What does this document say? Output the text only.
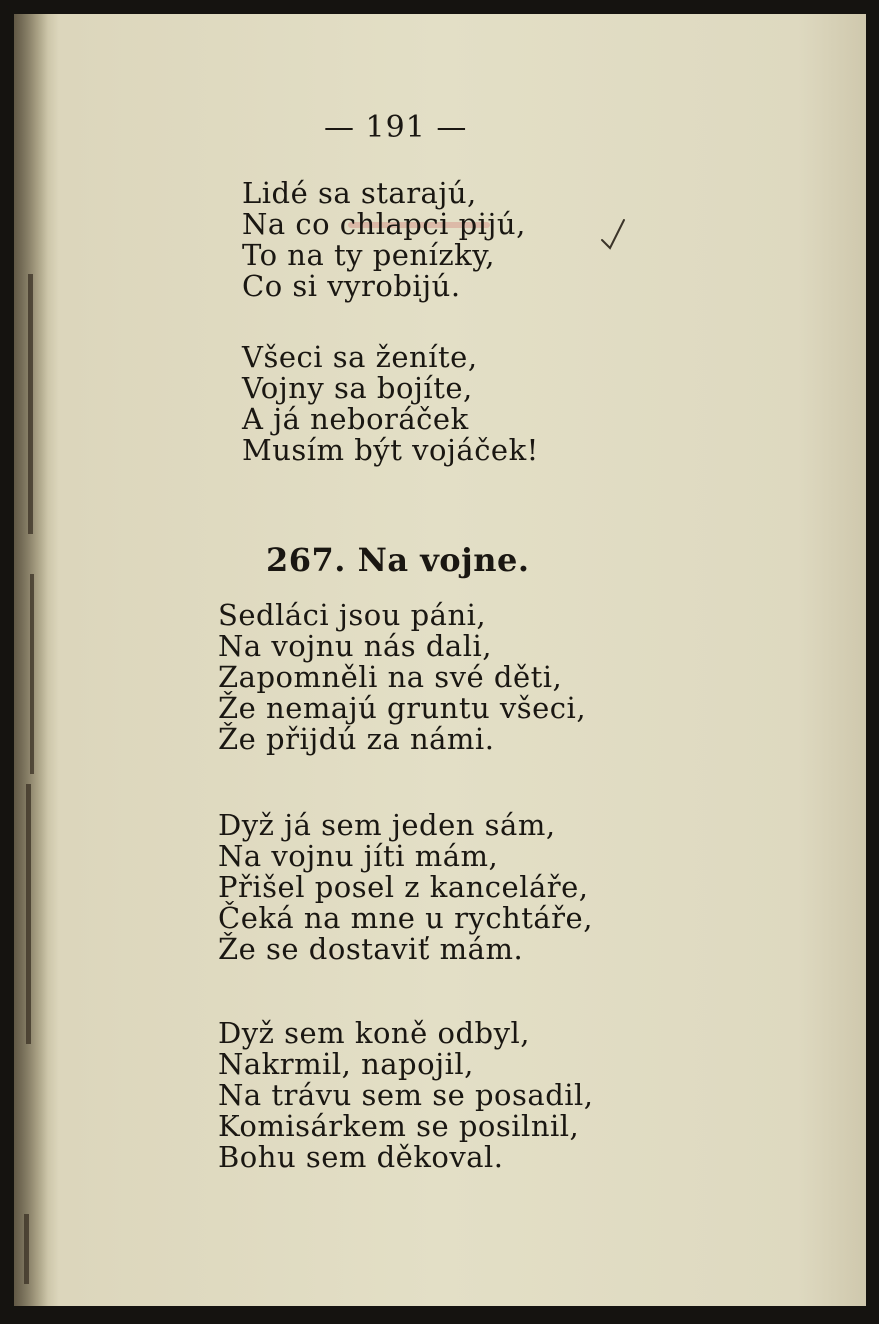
— 191 —
Lidé sa starajú,
Na co chlapci pijú,
To na ty penízky,
Co si vyrobijú.
Všeci sa ženíte,
Vojny sa bojíte,
A já neboráček
Musím být vojáček!
267. Na vojne.
Sedláci jsou páni,
Na vojnu nás dali,
Zapomněli na své děti,
Že nemajú gruntu všeci,
Že přijdú za námi.
Dyž já sem jeden sám,
Na vojnu jíti mám,
Přišel posel z kanceláře,
Čeká na mne u rychtáře,
Že se dostaviť mám.
Dyž sem koně odbyl,
Nakrmil, napojil,
Na trávu sem se posadil,
Komisárkem se posilnil,
Bohu sem děkoval.
